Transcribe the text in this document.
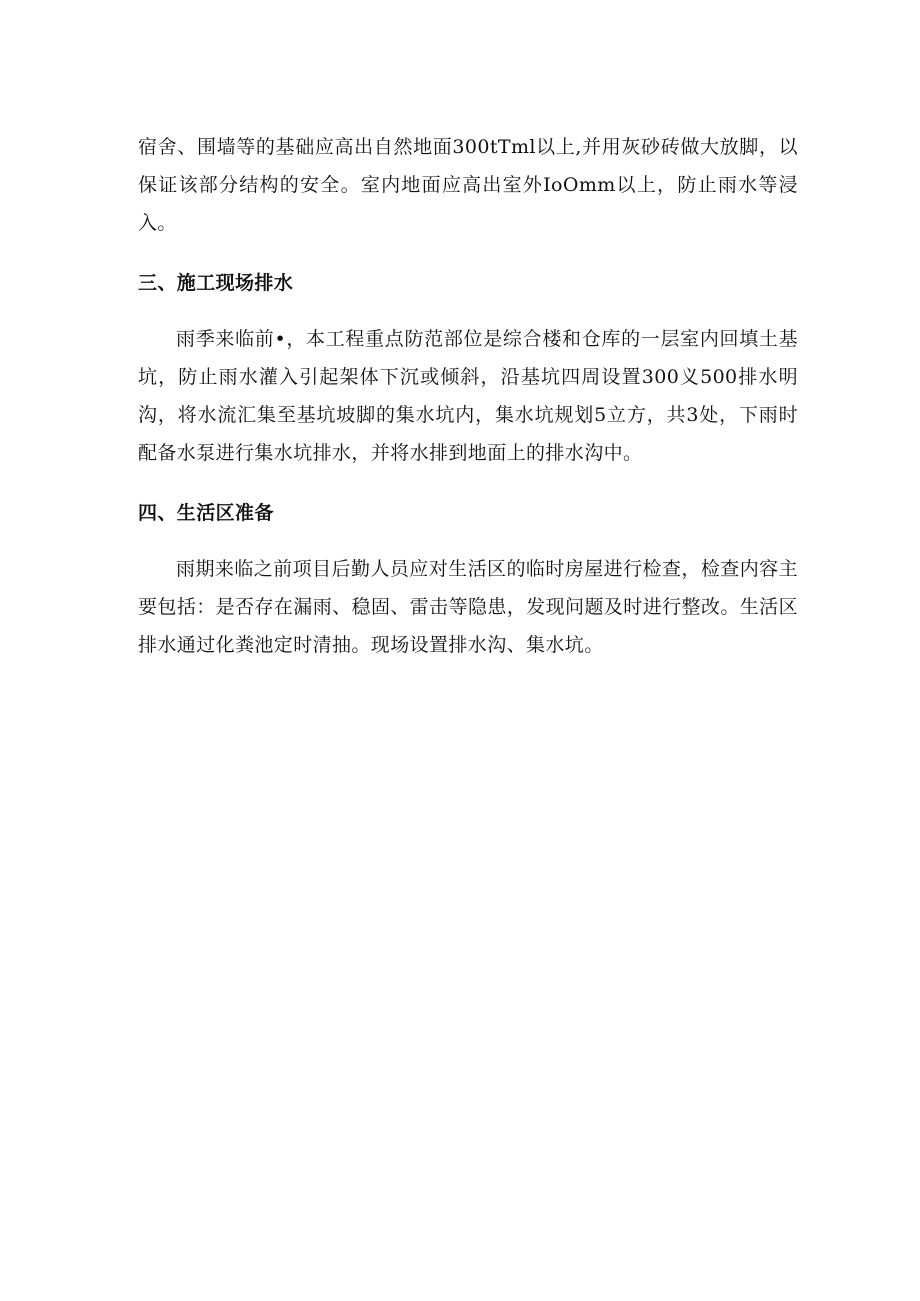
宿舍、围墙等的基础应高出自然地面300tTml以上,并用灰砂砖做大放脚，以保证该部分结构的安全。室内地面应高出室外IoOmm以上，防止雨水等浸入。

三、施工现场排水

雨季来临前•，本工程重点防范部位是综合楼和仓库的一层室内回填土基坑，防止雨水灌入引起架体下沉或倾斜，沿基坑四周设置300义500排水明沟，将水流汇集至基坑坡脚的集水坑内，集水坑规划5立方，共3处，下雨时配备水泵进行集水坑排水，并将水排到地面上的排水沟中。

四、生活区准备

雨期来临之前项目后勤人员应对生活区的临时房屋进行检查，检查内容主要包括：是否存在漏雨、稳固、雷击等隐患，发现问题及时进行整改。生活区排水通过化粪池定时清抽。现场设置排水沟、集水坑。
